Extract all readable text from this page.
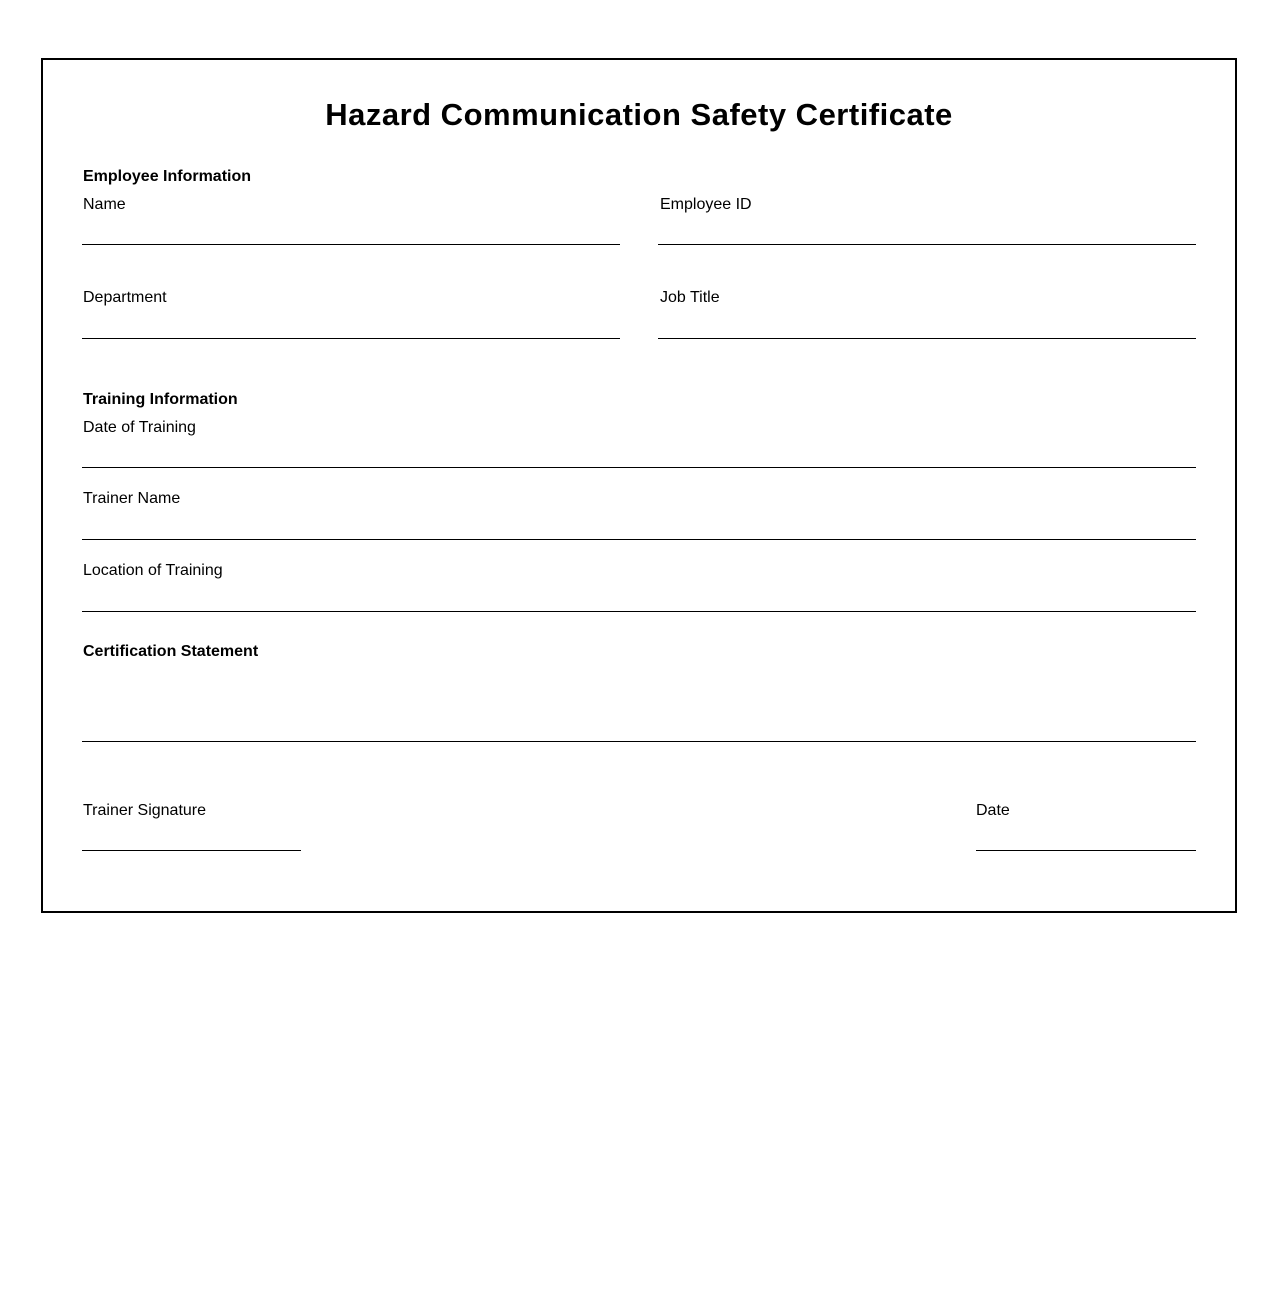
Hazard Communication Safety Certificate
Employee Information
Name	Employee ID
Department	Job Title
Training Information
Date of Training
Trainer Name
Location of Training
Certification Statement
Trainer Signature	Date
